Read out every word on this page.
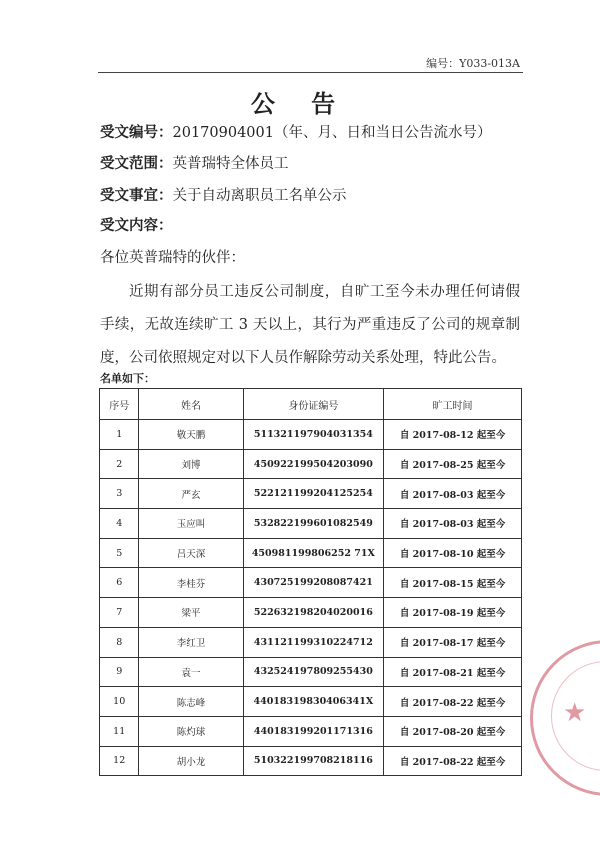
编号：Y033-013A
公 告
受文编号：20170904001（年、月、日和当日公告流水号）
受文范围：英普瑞特全体员工
受文事宜：关于自动离职员工名单公示
受文内容：
各位英普瑞特的伙伴：
近期有部分员工违反公司制度，自旷工至今未办理任何请假手续，无故连续旷工 3 天以上，其行为严重违反了公司的规章制度，公司依照规定对以下人员作解除劳动关系处理，特此公告。
名单如下：
序号	姓名	身份证编号	旷工时间
1	敬天鹏	511321197904031354	自 2017-08-12 起至今
2	刘博	450922199504203090	自 2017-08-25 起至今
3	严玄	522121199204125254	自 2017-08-03 起至今
4	玉应叫	532822199601082549	自 2017-08-03 起至今
5	吕天深	450981199806252 71X	自 2017-08-10 起至今
6	李桂芬	430725199208087421	自 2017-08-15 起至今
7	梁平	522632198204020016	自 2017-08-19 起至今
8	李红卫	431121199310224712	自 2017-08-17 起至今
9	袁一	432524197809255430	自 2017-08-21 起至今
10	陈志峰	44018319830406341X	自 2017-08-22 起至今
11	陈灼球	440183199201171316	自 2017-08-20 起至今
12	胡小龙	510322199708218116	自 2017-08-22 起至今
★
